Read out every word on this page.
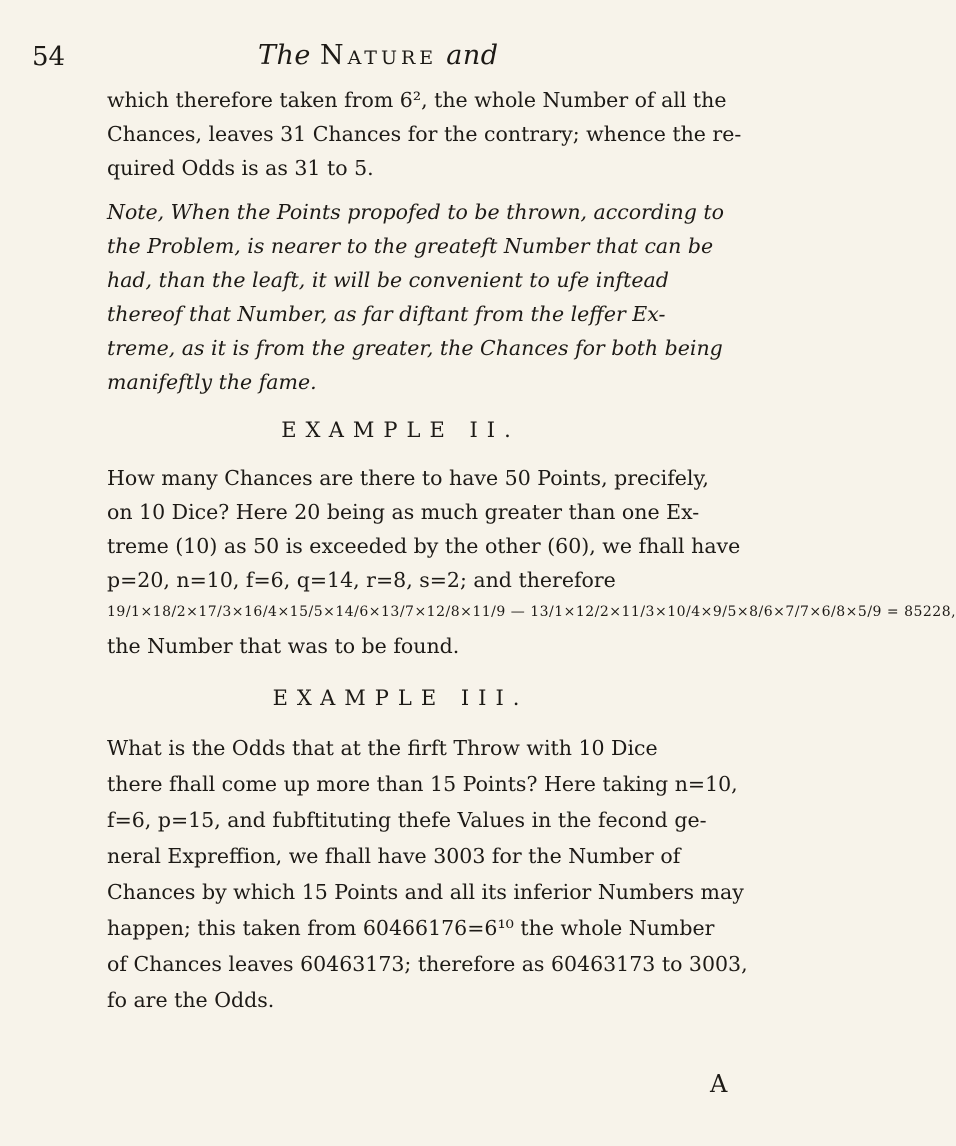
54	The Nature and
which therefore taken from 6², the whole Number of all the
Chances, leaves 31 Chances for the contrary; whence the re-
quired Odds is as 31 to 5.
Note, When the Points propofed to be thrown, according to
the Problem, is nearer to the greateft Number that can be
had, than the leaft, it will be convenient to ufe inftead
thereof that Number, as far diftant from the leffer Ex-
treme, as it is from the greater, the Chances for both being
manifeftly the fame.
EXAMPLE II.
How many Chances are there to have 50 Points, precifely,
on 10 Dice? Here 20 being as much greater than one Ex-
treme (10) as 50 is exceeded by the other (60), we fhall have
p=20, n=10, f=6, q=14, r=8, s=2; and therefore
19/1×18/2×17/3×16/4×15/5×14/6×13/7×12/8×11/9 — 13/1×12/2×11/3×10/4×9/5×8/6×7/7×6/8×5/9 = 85228,
the Number that was to be found.
EXAMPLE III.
What is the Odds that at the firft Throw with 10 Dice
there fhall come up more than 15 Points? Here taking n=10,
f=6, p=15, and fubftituting thefe Values in the fecond ge-
neral Expreffion, we fhall have 3003 for the Number of
Chances by which 15 Points and all its inferior Numbers may
happen; this taken from 60466176=6¹⁰ the whole Number
of Chances leaves 60463173; therefore as 60463173 to 3003,
fo are the Odds.
A
